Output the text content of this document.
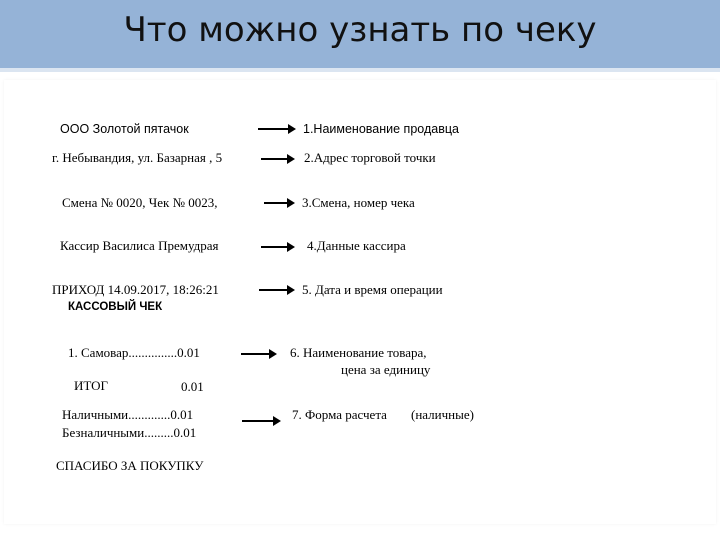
Что можно узнать по чеку
ООО Золотой пятачок
г. Небывандия, ул. Базарная , 5
Смена № 0020, Чек № 0023,
Кассир Василиса Премудрая
ПРИХОД 14.09.2017, 18:26:21
КАССОВЫЙ ЧЕК
1. Самовар...............0.01
ИТОГ	0.01
Наличными.............0.01
Безналичными.........0.01
СПАСИБО ЗА ПОКУПКУ
1.Наименование продавца
2.Адрес торговой точки
3.Смена, номер чека
4.Данные кассира
5. Дата и время операции
6. Наименование товара,
цена за единицу
7. Форма расчета (наличные)
